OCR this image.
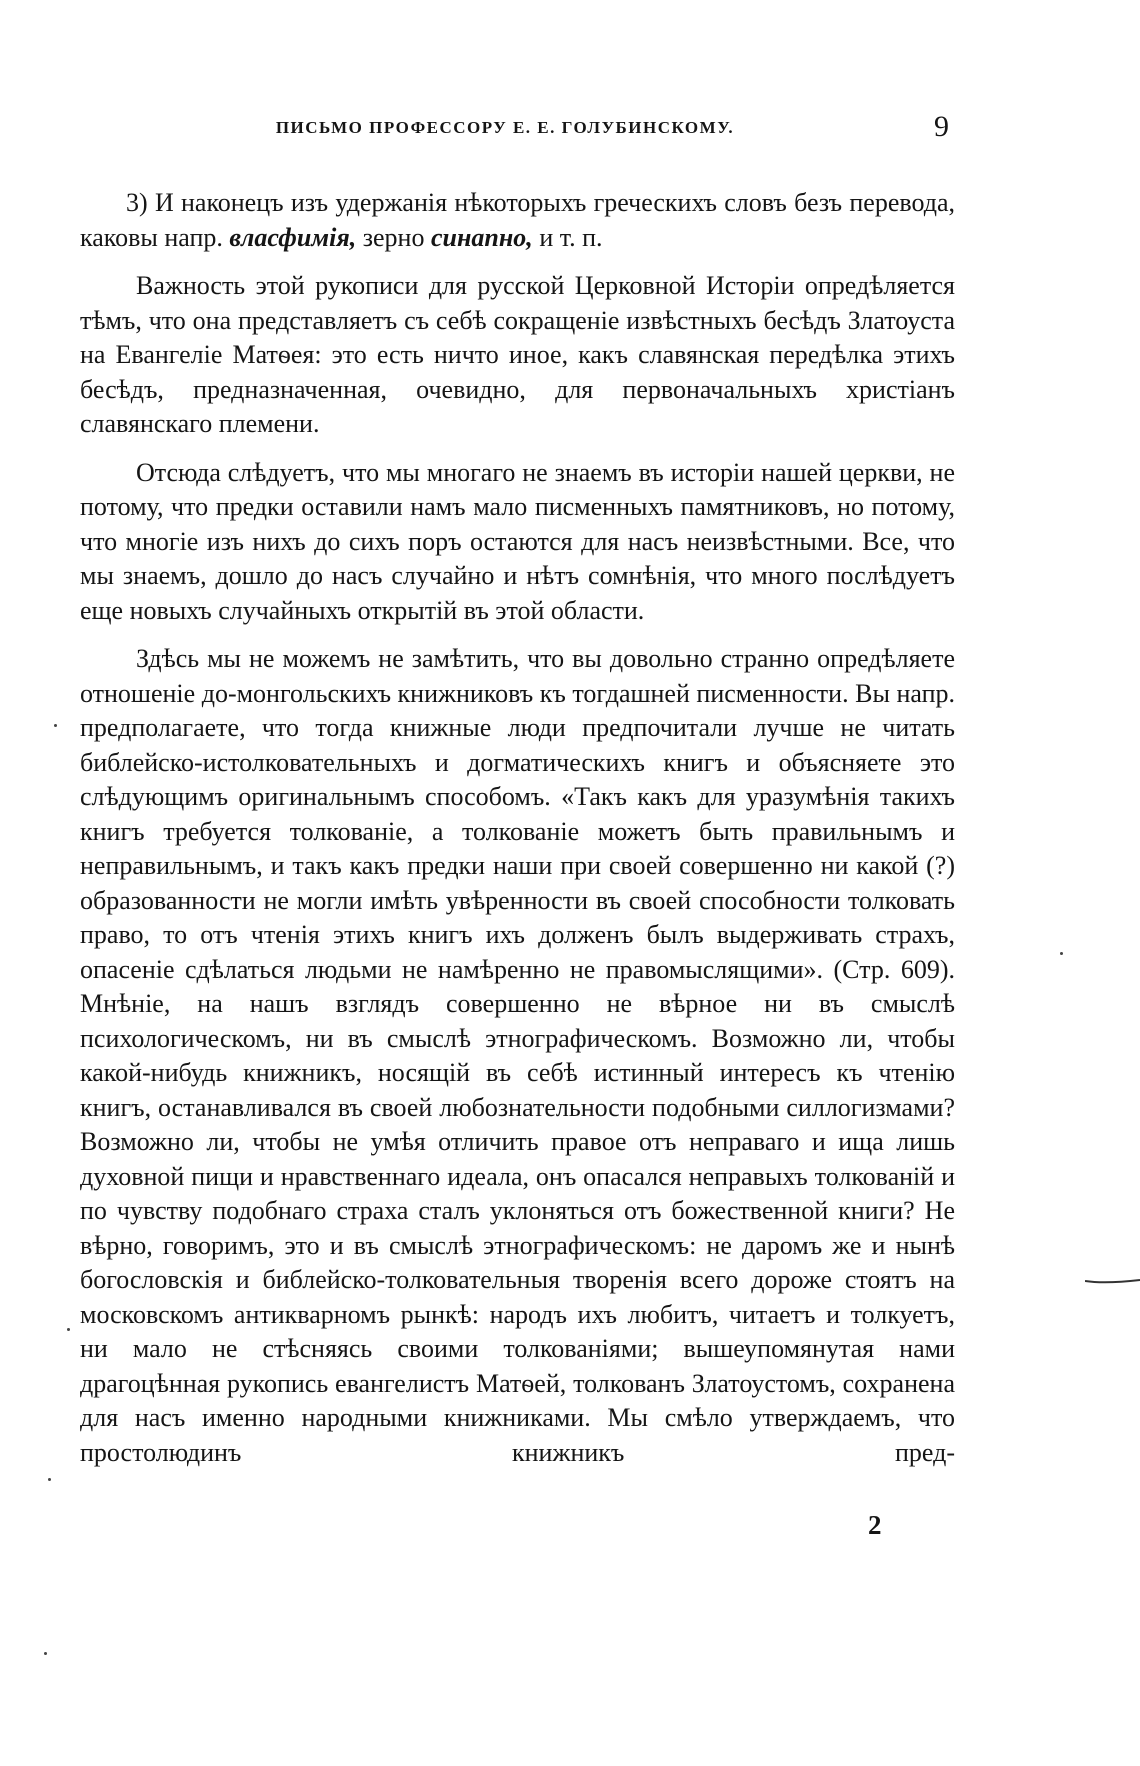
ПИСЬМО ПРОФЕССОРУ Е. Е. ГОЛУБИНСКОМУ.	9

3) И наконецъ изъ удержанія нѣкоторыхъ греческихъ словъ безъ перевода, каковы напр. власфимія, зерно синапно, и т. п.

Важность этой рукописи для русской Церковной Исторіи опредѣляется тѣмъ, что она представляетъ съ себѣ сокращеніе извѣстныхъ бесѣдъ Златоуста на Евангеліе Матѳея: это есть ничто иное, какъ славянская передѣлка этихъ бесѣдъ, предназначенная, очевидно, для первоначальныхъ христіанъ славянскаго племени.

Отсюда слѣдуетъ, что мы многаго не знаемъ въ исторіи нашей церкви, не потому, что предки оставили намъ мало писменныхъ памятниковъ, но потому, что многіе изъ нихъ до сихъ поръ остаются для насъ неизвѣстными. Все, что мы знаемъ, дошло до насъ случайно и нѣтъ сомнѣнія, что много послѣдуетъ еще новыхъ случайныхъ открытій въ этой области.

Здѣсь мы не можемъ не замѣтить, что вы довольно странно опредѣляете отношеніе до-монгольскихъ книжниковъ къ тогдашней писменности. Вы напр. предполагаете, что тогда книжные люди предпочитали лучше не читать библейско-истолковательныхъ и догматическихъ книгъ и объясняете это слѣдующимъ оригинальнымъ способомъ. «Такъ какъ для уразумѣнія такихъ книгъ требуется толкованіе, а толкованіе можетъ быть правильнымъ и неправильнымъ, и такъ какъ предки наши при своей совершенно ни какой (?) образованности не могли имѣть увѣренности въ своей способности толковать право, то отъ чтенія этихъ книгъ ихъ долженъ былъ выдерживать страхъ, опасеніе сдѣлаться людьми не намѣренно не правомыслящими». (Стр. 609). Мнѣніе, на нашъ взглядъ совершенно не вѣрное ни въ смыслѣ психологическомъ, ни въ смыслѣ этнографическомъ. Возможно ли, чтобы какой-нибудь книжникъ, носящій въ себѣ истинный интересъ къ чтенію книгъ, останавливался въ своей любознательности подобными силлогизмами? Возможно ли, чтобы не умѣя отличить правое отъ неправаго и ища лишь духовной пищи и нравственнаго идеала, онъ опасался неправыхъ толкованій и по чувству подобнаго страха сталъ уклоняться отъ божественной книги? Не вѣрно, говоримъ, это и въ смыслѣ этнографическомъ: не даромъ же и нынѣ богословскія и библейско-толковательныя творенія всего дороже стоятъ на московскомъ антикварномъ рынкѣ: народъ ихъ любитъ, читаетъ и толкуетъ, ни мало не стѣсняясь своими толкованіями; вышеупомянутая нами драгоцѣнная рукопись евангелистъ Матѳей, толкованъ Златоустомъ, сохранена для насъ именно народными книжниками. Мы смѣло утверждаемъ, что простолюдинъ книжникъ пред-

2
